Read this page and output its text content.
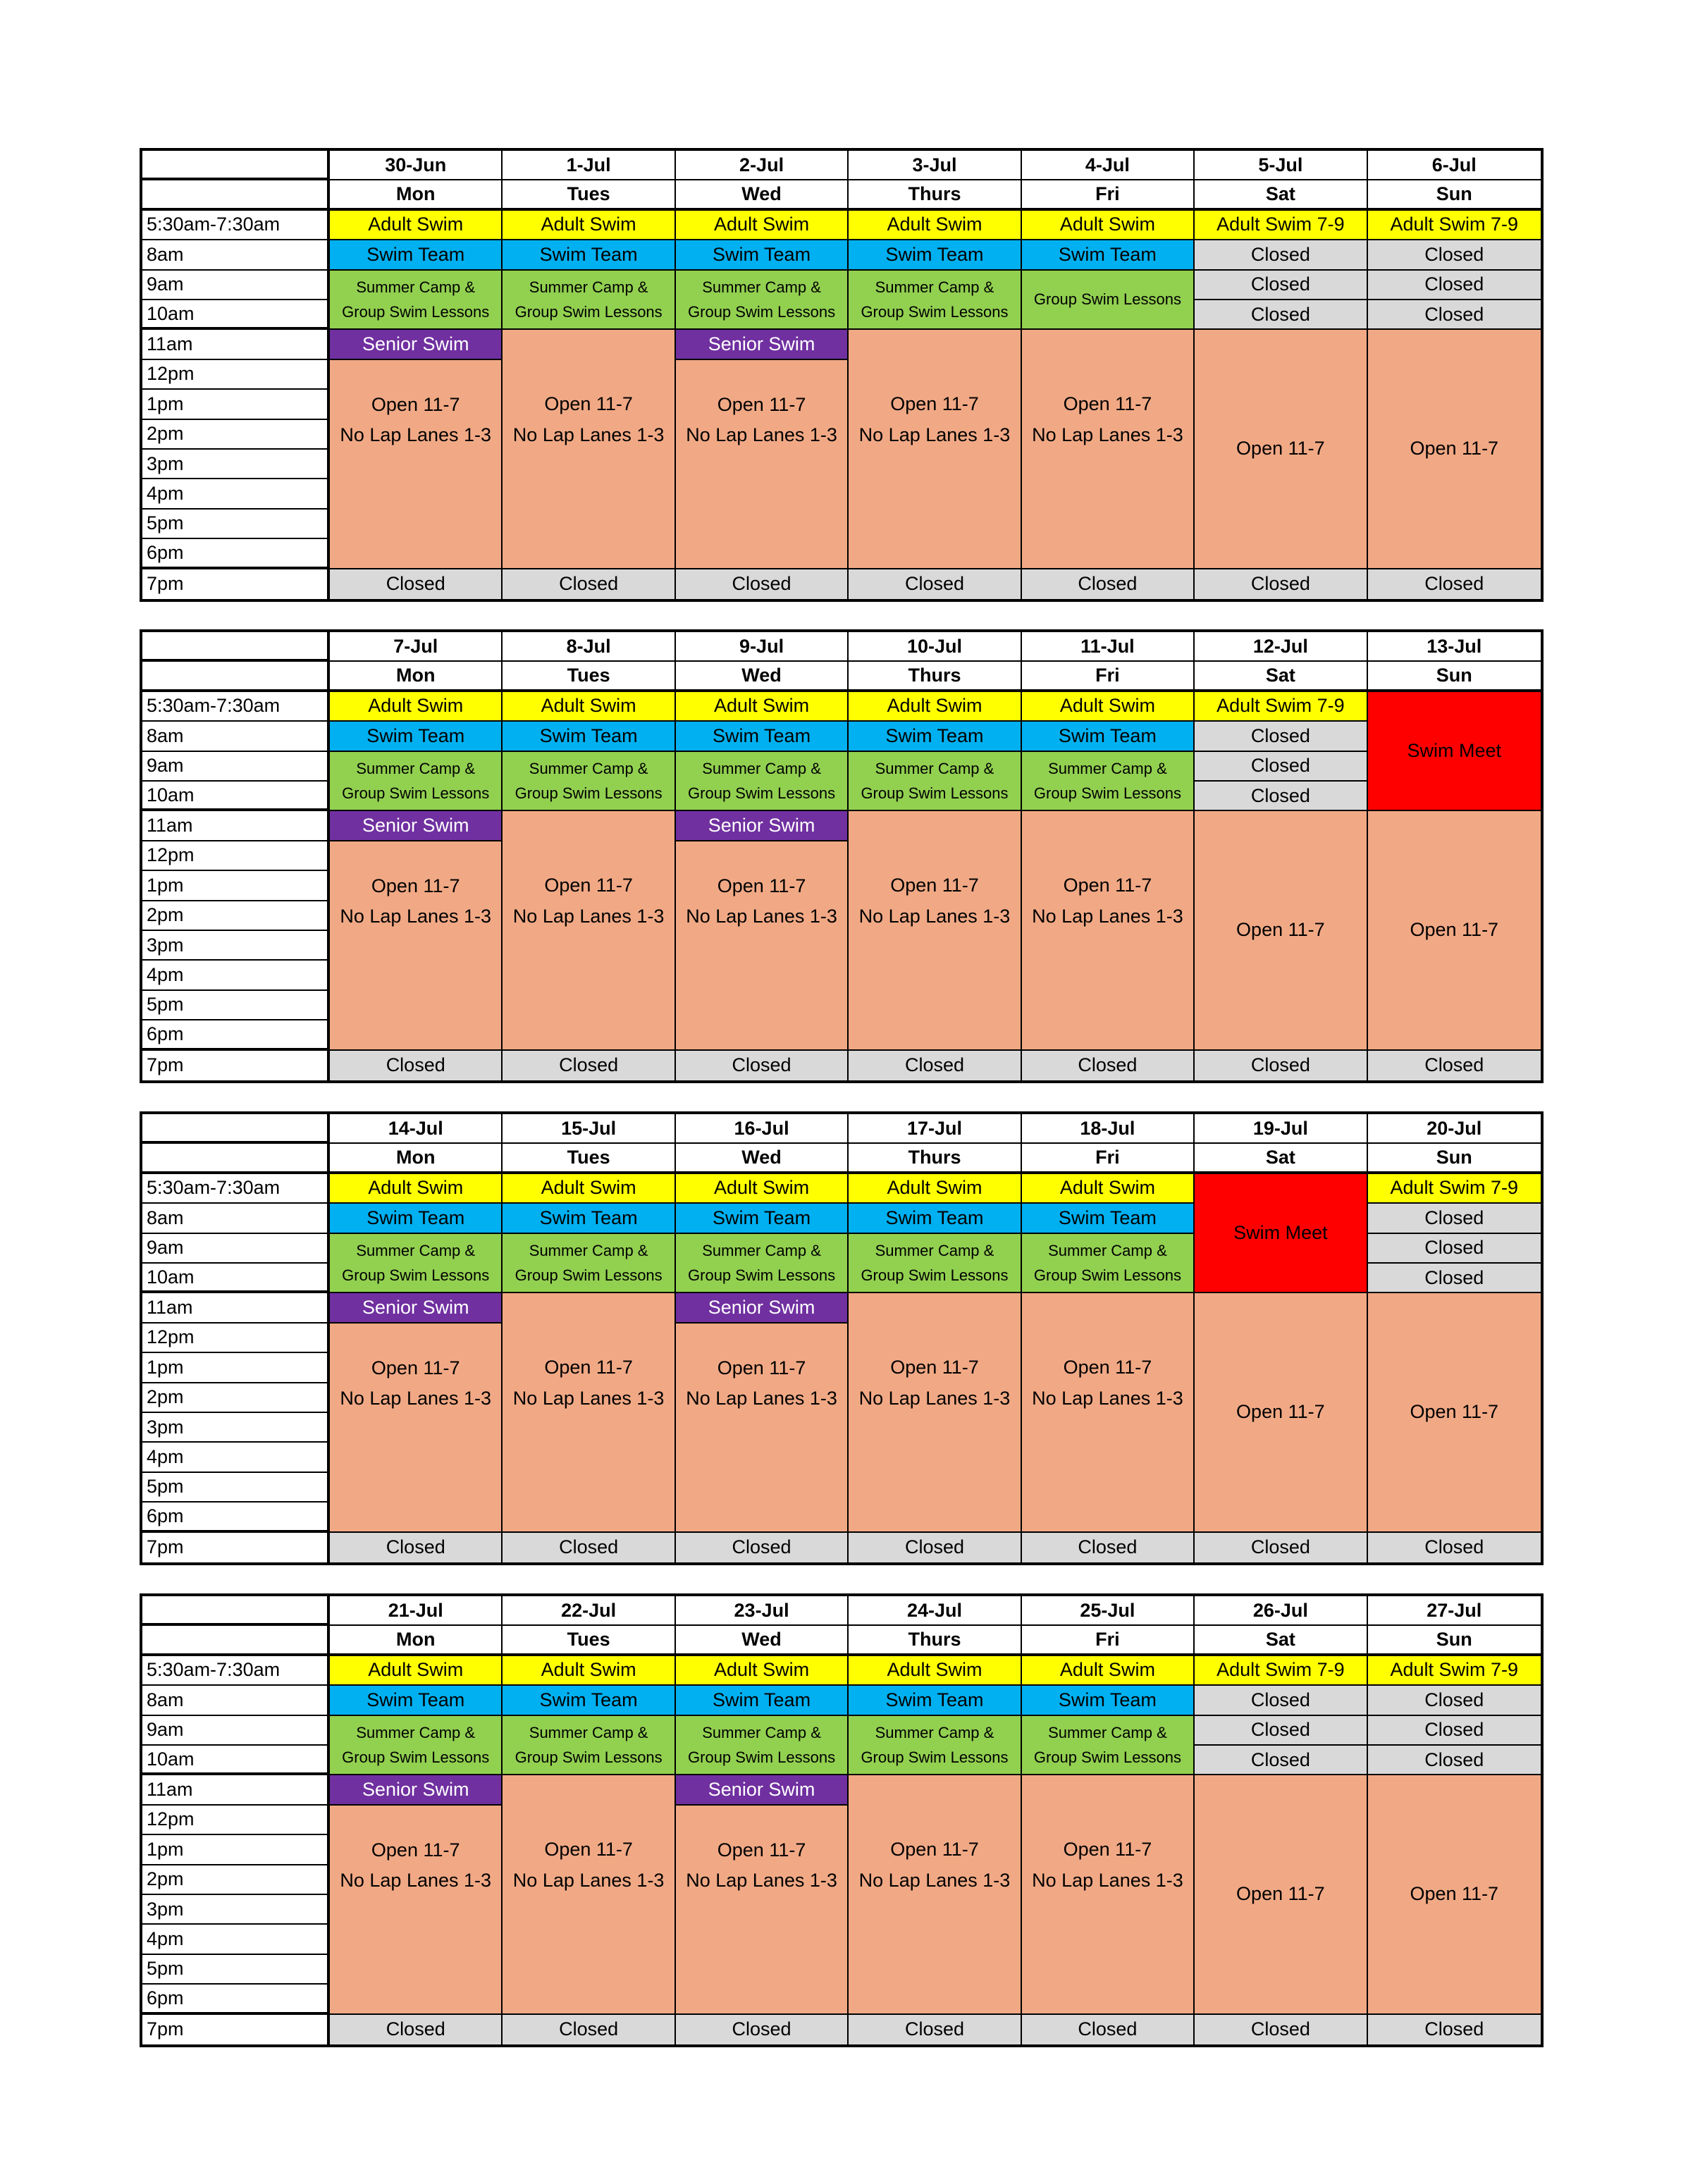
5:30am-7:30am
8am
9am
10am
11am
12pm
1pm
2pm
3pm
4pm
5pm
6pm
7pm
30-Jun
Mon
Adult Swim
Swim Team
Summer Camp &
Group Swim Lessons
Senior Swim
Open 11-7
No Lap Lanes 1-3
Closed
1-Jul
Tues
Adult Swim
Swim Team
Summer Camp &
Group Swim Lessons
Open 11-7
No Lap Lanes 1-3
Closed
2-Jul
Wed
Adult Swim
Swim Team
Summer Camp &
Group Swim Lessons
Senior Swim
Open 11-7
No Lap Lanes 1-3
Closed
3-Jul
Thurs
Adult Swim
Swim Team
Summer Camp &
Group Swim Lessons
Open 11-7
No Lap Lanes 1-3
Closed
4-Jul
Fri
Adult Swim
Swim Team
Group Swim Lessons
Open 11-7
No Lap Lanes 1-3
Closed
5-Jul
Sat
Adult Swim 7-9
Closed
Closed
Closed
Open 11-7
Closed
6-Jul
Sun
Adult Swim 7-9
Closed
Closed
Closed
Open 11-7
Closed
5:30am-7:30am
8am
9am
10am
11am
12pm
1pm
2pm
3pm
4pm
5pm
6pm
7pm
7-Jul
Mon
Adult Swim
Swim Team
Summer Camp &
Group Swim Lessons
Senior Swim
Open 11-7
No Lap Lanes 1-3
Closed
8-Jul
Tues
Adult Swim
Swim Team
Summer Camp &
Group Swim Lessons
Open 11-7
No Lap Lanes 1-3
Closed
9-Jul
Wed
Adult Swim
Swim Team
Summer Camp &
Group Swim Lessons
Senior Swim
Open 11-7
No Lap Lanes 1-3
Closed
10-Jul
Thurs
Adult Swim
Swim Team
Summer Camp &
Group Swim Lessons
Open 11-7
No Lap Lanes 1-3
Closed
11-Jul
Fri
Adult Swim
Swim Team
Summer Camp &
Group Swim Lessons
Open 11-7
No Lap Lanes 1-3
Closed
12-Jul
Sat
Adult Swim 7-9
Closed
Closed
Closed
Open 11-7
Closed
13-Jul
Sun
Swim Meet
Open 11-7
Closed
5:30am-7:30am
8am
9am
10am
11am
12pm
1pm
2pm
3pm
4pm
5pm
6pm
7pm
14-Jul
Mon
Adult Swim
Swim Team
Summer Camp &
Group Swim Lessons
Senior Swim
Open 11-7
No Lap Lanes 1-3
Closed
15-Jul
Tues
Adult Swim
Swim Team
Summer Camp &
Group Swim Lessons
Open 11-7
No Lap Lanes 1-3
Closed
16-Jul
Wed
Adult Swim
Swim Team
Summer Camp &
Group Swim Lessons
Senior Swim
Open 11-7
No Lap Lanes 1-3
Closed
17-Jul
Thurs
Adult Swim
Swim Team
Summer Camp &
Group Swim Lessons
Open 11-7
No Lap Lanes 1-3
Closed
18-Jul
Fri
Adult Swim
Swim Team
Summer Camp &
Group Swim Lessons
Open 11-7
No Lap Lanes 1-3
Closed
19-Jul
Sat
Swim Meet
Open 11-7
Closed
20-Jul
Sun
Adult Swim 7-9
Closed
Closed
Closed
Open 11-7
Closed
5:30am-7:30am
8am
9am
10am
11am
12pm
1pm
2pm
3pm
4pm
5pm
6pm
7pm
21-Jul
Mon
Adult Swim
Swim Team
Summer Camp &
Group Swim Lessons
Senior Swim
Open 11-7
No Lap Lanes 1-3
Closed
22-Jul
Tues
Adult Swim
Swim Team
Summer Camp &
Group Swim Lessons
Open 11-7
No Lap Lanes 1-3
Closed
23-Jul
Wed
Adult Swim
Swim Team
Summer Camp &
Group Swim Lessons
Senior Swim
Open 11-7
No Lap Lanes 1-3
Closed
24-Jul
Thurs
Adult Swim
Swim Team
Summer Camp &
Group Swim Lessons
Open 11-7
No Lap Lanes 1-3
Closed
25-Jul
Fri
Adult Swim
Swim Team
Summer Camp &
Group Swim Lessons
Open 11-7
No Lap Lanes 1-3
Closed
26-Jul
Sat
Adult Swim 7-9
Closed
Closed
Closed
Open 11-7
Closed
27-Jul
Sun
Adult Swim 7-9
Closed
Closed
Closed
Open 11-7
Closed
